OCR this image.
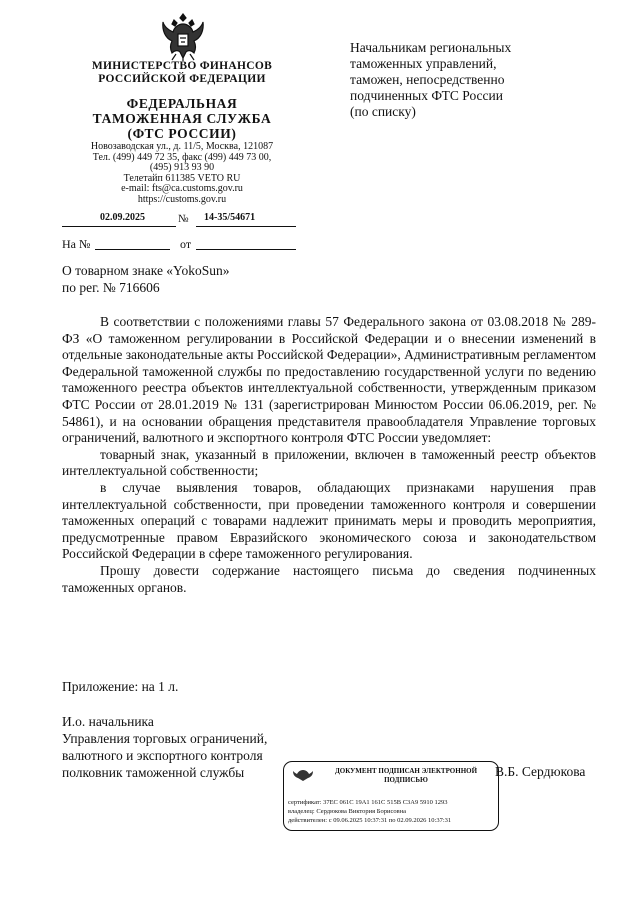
МИНИСТЕРСТВО ФИНАНСОВ
РОССИЙСКОЙ ФЕДЕРАЦИИ
ФЕДЕРАЛЬНАЯ
ТАМОЖЕННАЯ СЛУЖБА
(ФТС РОССИИ)
Новозаводская ул., д. 11/5, Москва, 121087
Тел. (499) 449 72 35, факс (499) 449 73 00,
(495) 913 93 90
Телетайп 611385 VETO RU
e-mail: fts@ca.customs.gov.ru
https://customs.gov.ru
02.09.2025	№ 14-35/54671
На №	от
Начальникам региональных
таможенных управлений,
таможен, непосредственно
подчиненных ФТС России
(по списку)
О товарном знаке «YokoSun»
по рег. № 716606

В соответствии с положениями главы 57 Федерального закона от 03.08.2018 № 289-ФЗ «О таможенном регулировании в Российской Федерации и о внесении изменений в отдельные законодательные акты Российской Федерации», Административным регламентом Федеральной таможенной службы по предоставлению государственной услуги по ведению таможенного реестра объектов интеллектуальной собственности, утвержденным приказом ФТС России от 28.01.2019 № 131 (зарегистрирован Минюстом России 06.06.2019, рег. № 54861), и на основании обращения представителя правообладателя Управление торговых ограничений, валютного и экспортного контроля ФТС России уведомляет:

товарный знак, указанный в приложении, включен в таможенный реестр объектов интеллектуальной собственности;

в случае выявления товаров, обладающих признаками нарушения прав интеллектуальной собственности, при проведении таможенного контроля и совершении таможенных операций с товарами надлежит принимать меры и проводить мероприятия, предусмотренные правом Евразийского экономического союза и законодательством Российской Федерации в сфере таможенного регулирования.

Прошу довести содержание настоящего письма до сведения подчиненных таможенных органов.

Приложение: на 1 л.
И.о. начальника
Управления торговых ограничений,
валютного и экспортного контроля
полковник таможенной службы	ДОКУМЕНТ ПОДПИСАН ЭЛЕКТРОННОЙ ПОДПИСЬЮ
сертификат: 37EC 061C 19A1 161C 515B C3A9 5910 1293
владелец: Сердюкова Виктория Борисовна
действителен: с 09.06.2025 10:37:31 по 02.09.2026 10:37:31
В.Б. Сердюкова
